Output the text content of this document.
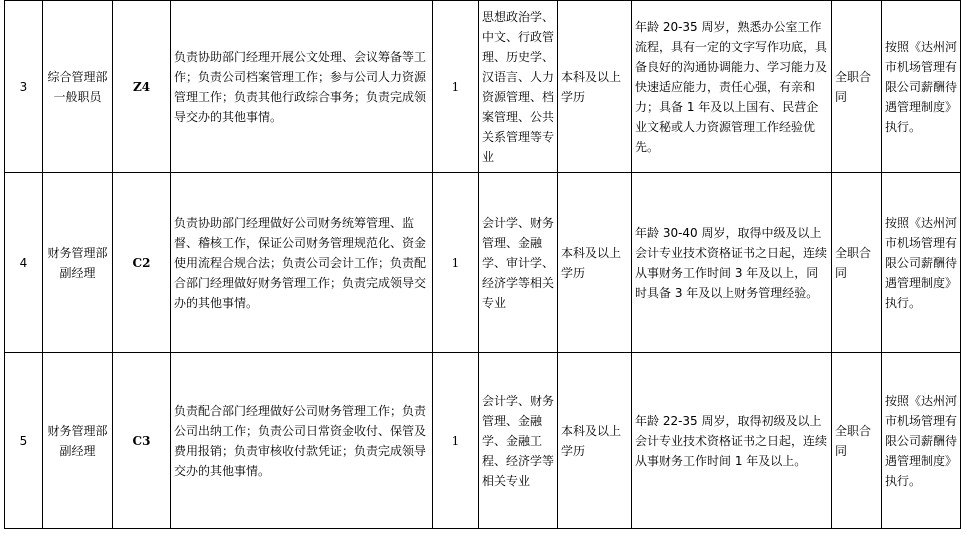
3	综合管理部一般职员	Z4	负责协助部门经理开展公文处理、会议筹备等工作；负责公司档案管理工作；参与公司人力资源管理工作；负责其他行政综合事务；负责完成领导交办的其他事情。	1	思想政治学、中文、行政管理、历史学、汉语言、人力资源管理、档案管理、公共关系管理等专业	本科及以上学历	年龄 20-35 周岁，熟悉办公室工作流程，具有一定的文字写作功底，具备良好的沟通协调能力、学习能力及快速适应能力，责任心强，有亲和力；具备 1 年及以上国有、民营企业文秘或人力资源管理工作经验优先。	全职合同	按照《达州河市机场管理有限公司薪酬待遇管理制度》执行。
4	财务管理部副经理	C2	负责协助部门经理做好公司财务统筹管理、监督、稽核工作，保证公司财务管理规范化、资金使用流程合规合法；负责公司会计工作；负责配合部门经理做好财务管理工作；负责完成领导交办的其他事情。	1	会计学、财务管理、金融学、审计学、经济学等相关专业	本科及以上学历	年龄 30-40 周岁，取得中级及以上会计专业技术资格证书之日起，连续从事财务工作时间 3 年及以上，同时具备 3 年及以上财务管理经验。	全职合同	按照《达州河市机场管理有限公司薪酬待遇管理制度》执行。
5	财务管理部副经理	C3	负责配合部门经理做好公司财务管理工作；负责公司出纳工作；负责公司日常资金收付、保管及费用报销；负责审核收付款凭证；负责完成领导交办的其他事情。	1	会计学、财务管理、金融学、金融工程、经济学等相关专业	本科及以上学历	年龄 22-35 周岁，取得初级及以上会计专业技术资格证书之日起，连续从事财务工作时间 1 年及以上。	全职合同	按照《达州河市机场管理有限公司薪酬待遇管理制度》执行。
